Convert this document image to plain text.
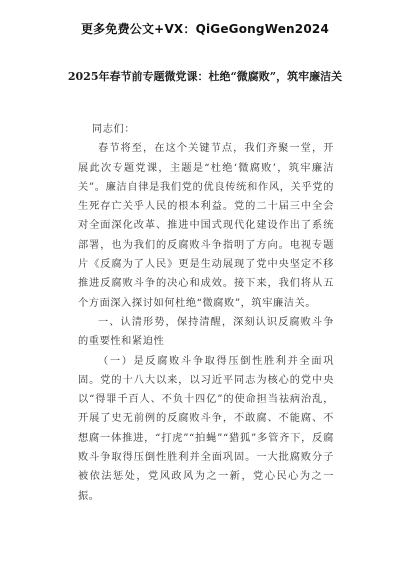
更多免费公文+VX：QiGeGongWen2024
2025年春节前专题微党课：杜绝“微腐败”，筑牢廉洁关

同志们：

春节将至，在这个关键节点，我们齐聚一堂，开展此次专题党课，主题是“杜绝‘微腐败’，筑牢廉洁关”。廉洁自律是我们党的优良传统和作风，关乎党的生死存亡关乎人民的根本利益。党的二十届三中全会对全面深化改革、推进中国式现代化建设作出了系统部署，也为我们的反腐败斗争指明了方向。电视专题片《反腐为了人民》更是生动展现了党中央坚定不移推进反腐败斗争的决心和成效。接下来，我们将从五个方面深入探讨如何杜绝“微腐败”，筑牢廉洁关。

一、认清形势，保持清醒，深刻认识反腐败斗争的重要性和紧迫性

（一）是反腐败斗争取得压倒性胜利并全面巩固。党的十八大以来，以习近平同志为核心的党中央以“得罪千百人、不负十四亿”的使命担当祛病治乱，开展了史无前例的反腐败斗争，不敢腐、不能腐、不想腐一体推进，“打虎”“拍蝇”“猎狐”多管齐下，反腐败斗争取得压倒性胜利并全面巩固。一大批腐败分子被依法惩处，党风政风为之一新，党心民心为之一振。
